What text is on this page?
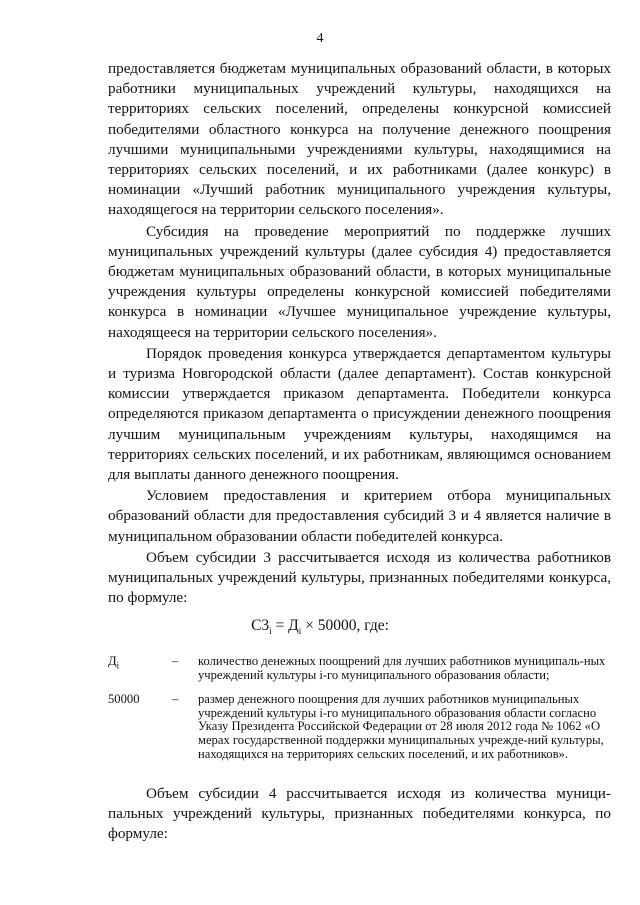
4

предоставляется бюджетам муниципальных образований области, в которых работники муниципальных учреждений культуры, находящихся на территориях сельских поселений, определены конкурсной комиссией победителями областного конкурса на получение денежного поощрения лучшими муниципальными учреждениями культуры, находящимися на территориях сельских поселений, и их работниками (далее конкурс) в номинации «Лучший работник муниципального учреждения культуры, находящегося на территории сельского поселения».

Субсидия на проведение мероприятий по поддержке лучших муниципальных учреждений культуры (далее субсидия 4) предоставляется бюджетам муниципальных образований области, в которых муниципальные учреждения культуры определены конкурсной комиссией победителями конкурса в номинации «Лучшее муниципальное учреждение культуры, находящееся на территории сельского поселения».

Порядок проведения конкурса утверждается департаментом культуры и туризма Новгородской области (далее департамент). Состав конкурсной комиссии утверждается приказом департамента. Победители конкурса определяются приказом департамента о присуждении денежного поощрения лучшим муниципальным учреждениям культуры, находящимся на территориях сельских поселений, и их работникам, являющимся основанием для выплаты данного денежного поощрения.

Условием предоставления и критерием отбора муниципальных образований области для предоставления субсидий 3 и 4 является наличие в муниципальном образовании области победителей конкурса.

Объем субсидии 3 рассчитывается исходя из количества работников муниципальных учреждений культуры, признанных победителями конкурса, по формуле:

$С3_i = Д_i \times 50000$, где:
$Д_i$	–	количество денежных поощрений для лучших работников муниципаль-ных учреждений культуры i-го муниципального образования области;
50000	–	размер денежного поощрения для лучших работников муниципальных учреждений культуры i-го муниципального образования области согласно Указу Президента Российской Федерации от 28 июля 2012 года № 1062 «О мерах государственной поддержки муниципальных учрежде-ний культуры, находящихся на территориях сельских поселений, и их работников».

Объем субсидии 4 рассчитывается исходя из количества муници-пальных учреждений культуры, признанных победителями конкурса, по формуле:
